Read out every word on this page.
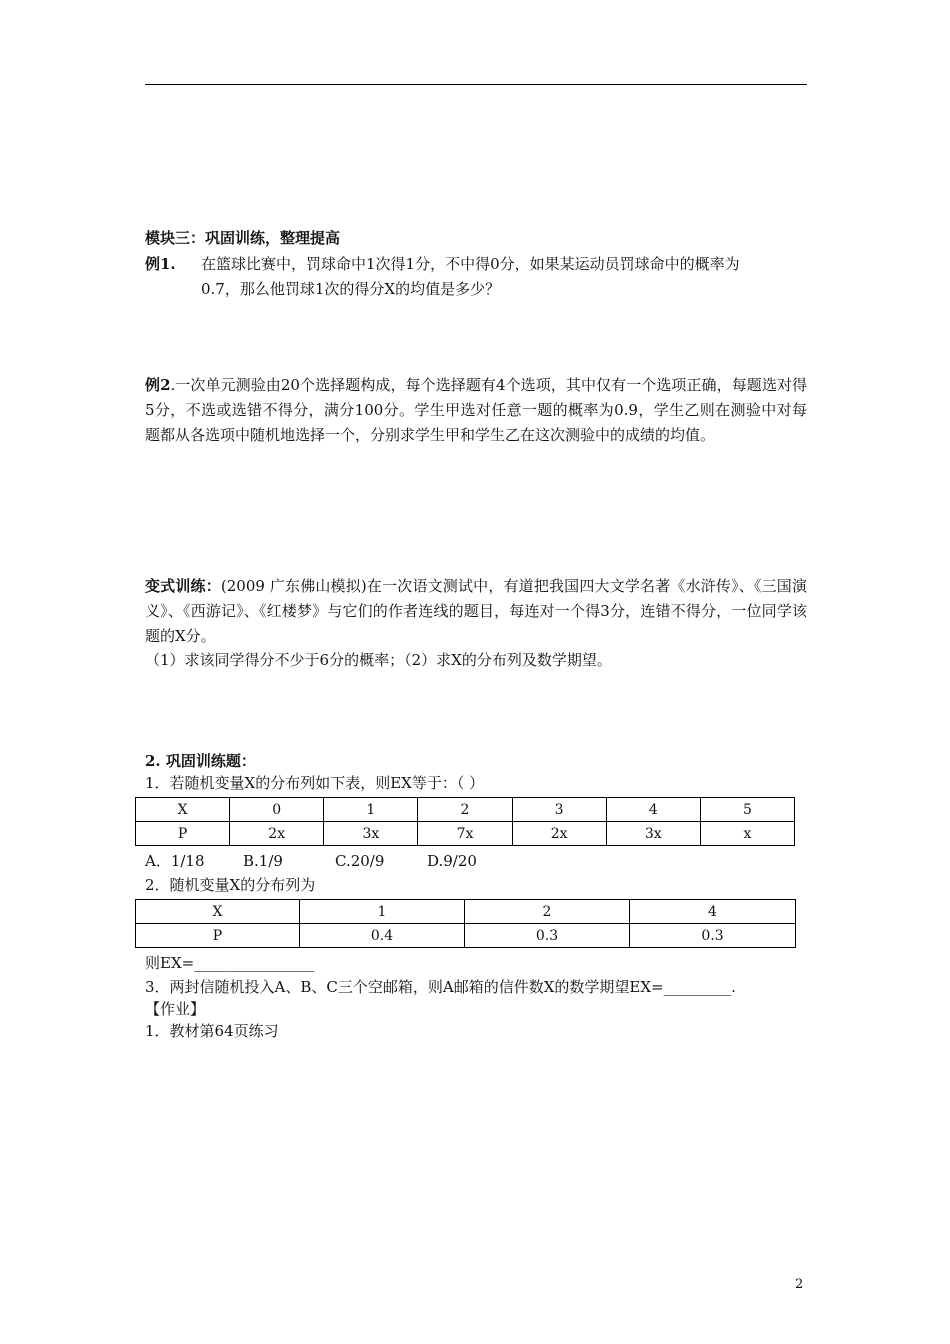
模块三：巩固训练，整理提高
例1.	在篮球比赛中，罚球命中1次得1分，不中得0分，如果某运动员罚球命中的概率为
0.7，那么他罚球1次的得分X的均值是多少？
例2.一次单元测验由20个选择题构成，每个选择题有4个选项，其中仅有一个选项正确，每题选对得5分，不选或选错不得分，满分100分。学生甲选对任意一题的概率为0.9，学生乙则在测验中对每题都从各选项中随机地选择一个，分别求学生甲和学生乙在这次测验中的成绩的均值。
变式训练：(2009 广东佛山模拟)在一次语文测试中，有道把我国四大文学名著《水浒传》、《三国演义》、《西游记》、《红楼梦》与它们的作者连线的题目，每连对一个得3分，连错不得分，一位同学该题的X分。
（1）求该同学得分不少于6分的概率；（2）求X的分布列及数学期望。
2. 巩固训练题：
1．若随机变量X的分布列如下表，则EX等于：（ ）
X	0	1	2	3	4	5
P	2x	3x	7x	2x	3x	x
A．1/18	B.1/9	C.20/9	D.9/20
2．随机变量X的分布列为
X	1	2	4
P	0.4	0.3	0.3
则EX=________________
3．两封信随机投入A、B、C三个空邮箱，则A邮箱的信件数X的数学期望EX=_________.
【作业】
1．教材第64页练习
2
